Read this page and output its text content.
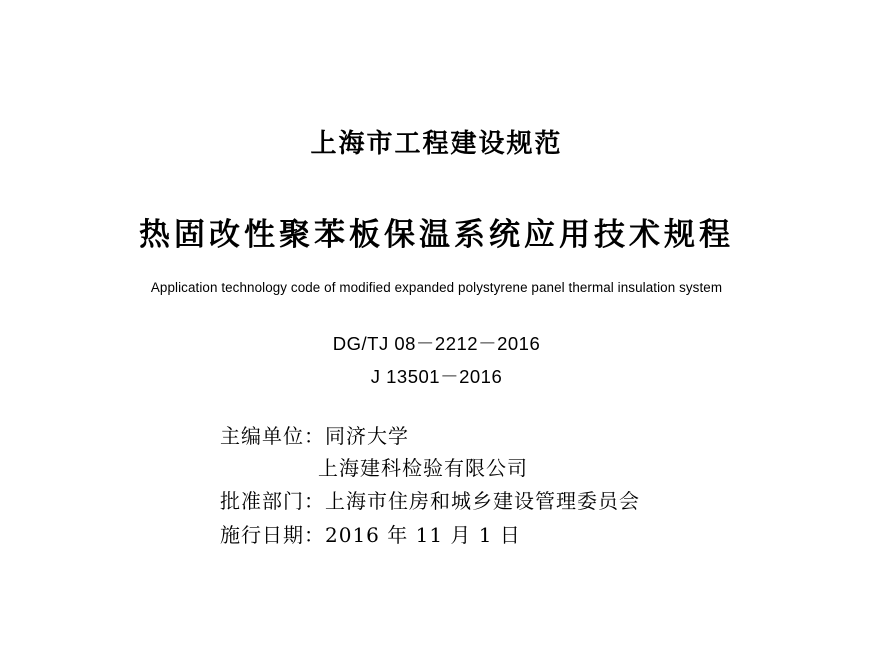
上海市工程建设规范
热固改性聚苯板保温系统应用技术规程
Application technology code of modified expanded polystyrene panel thermal insulation system
DG/TJ 08－2212－2016
J 13501－2016
主编单位：同济大学
上海建科检验有限公司
批准部门：上海市住房和城乡建设管理委员会
施行日期：2016 年 11 月 1 日
